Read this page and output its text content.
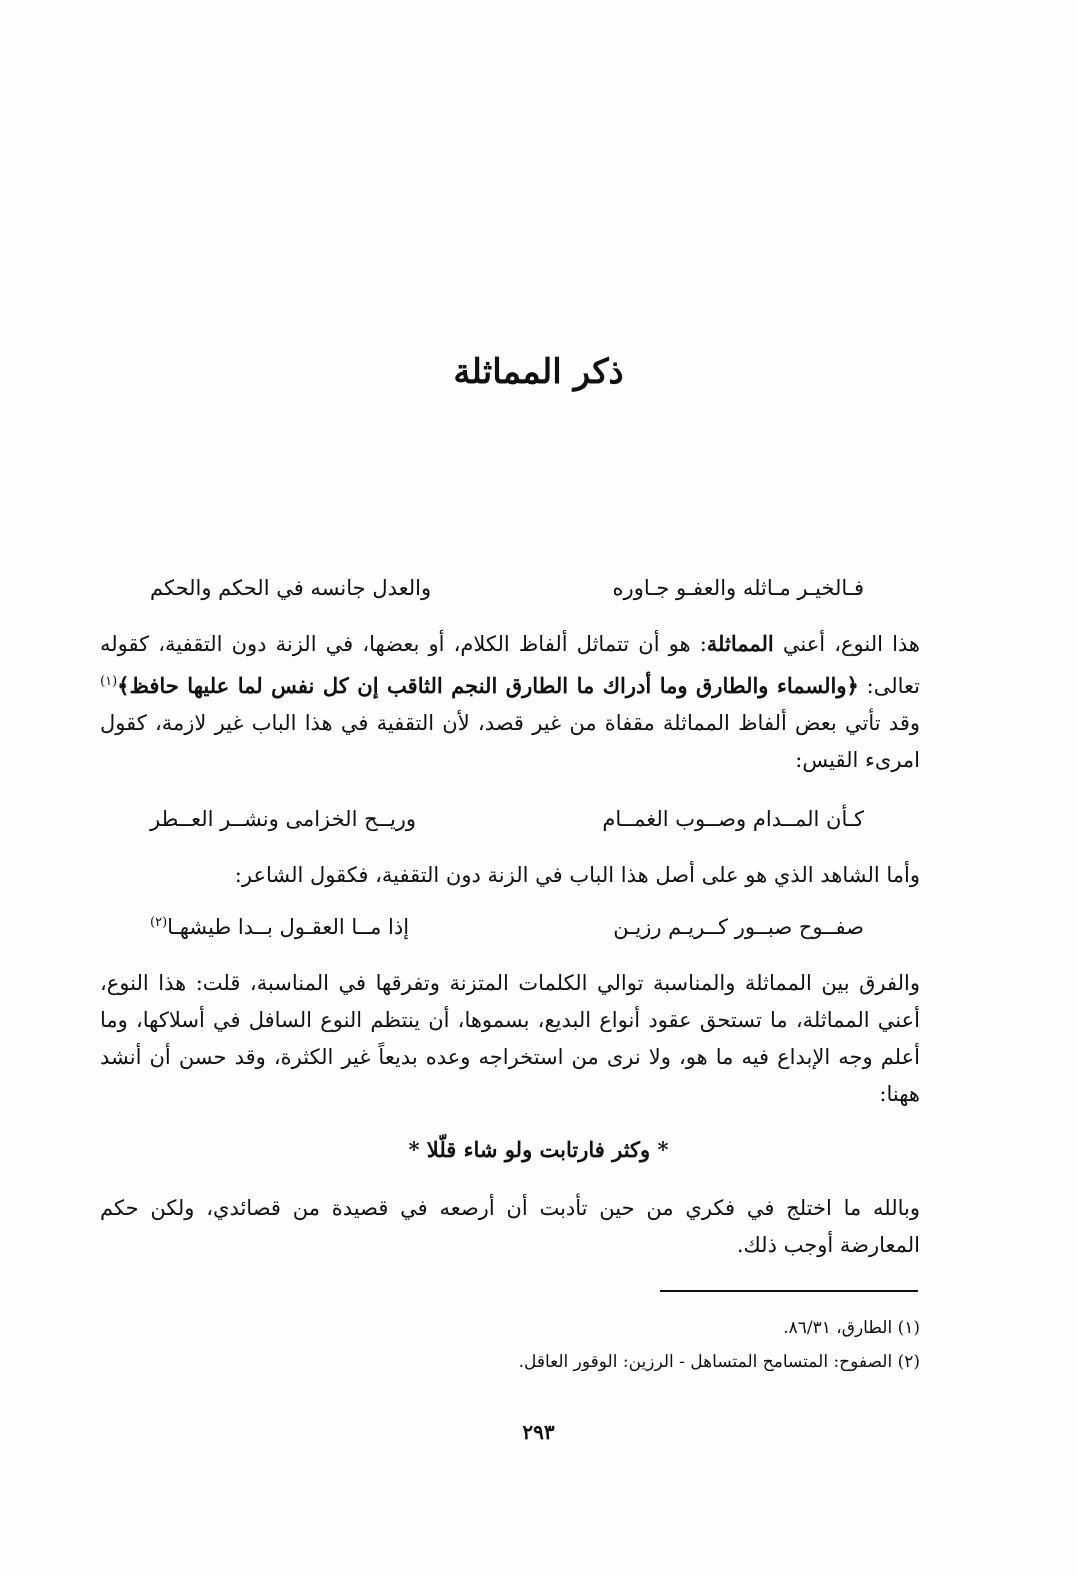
ذكر المماثلة
فـالخيـر مـاثله والعفـو جـاوره
والعدل جانسه في الحكم والحكم

هذا النوع، أعني المماثلة: هو أن تتماثل ألفاظ الكلام، أو بعضها، في الزنة دون التقفية، كقوله تعالى: ﴿والسماء والطارق وما أدراك ما الطارق النجم الثاقب إن كل نفس لما عليها حافظ﴾$^{(١)}$ وقد تأتي بعض ألفاظ المماثلة مقفاة من غير قصد، لأن التقفية في هذا الباب غير لازمة، كقول امرىء القيس:

كـأن المــدام وصــوب الغمــام
وريــح الخزامى ونشــر العــطر

وأما الشاهد الذي هو على أصل هذا الباب في الزنة دون التقفية، فكقول الشاعر:

صفــوح صبــور كــريـم رزيـن
إذا مــا العقـول بــدا طيشهـا$^{(٢)}$

والفرق بين المماثلة والمناسبة توالي الكلمات المتزنة وتفرقها في المناسبة، قلت: هذا النوع، أعني المماثلة، ما تستحق عقود أنواع البديع، بسموها، أن ينتظم النوع السافل في أسلاكها، وما أعلم وجه الإبداع فيه ما هو، ولا نرى من استخراجه وعده بديعاً غير الكثرة، وقد حسن أن أنشد ههنا:

* وكثر فارتابت ولو شاء قلّلا *

وبالله ما اختلج في فكري من حين تأدبت أن أرصعه في قصيدة من قصائدي، ولكن حكم المعارضة أوجب ذلك.

(١) الطارق، ٨٦/٣١.
(٢) الصفوح: المتسامح المتساهل - الرزين: الوقور العاقل.
٢٩٣
